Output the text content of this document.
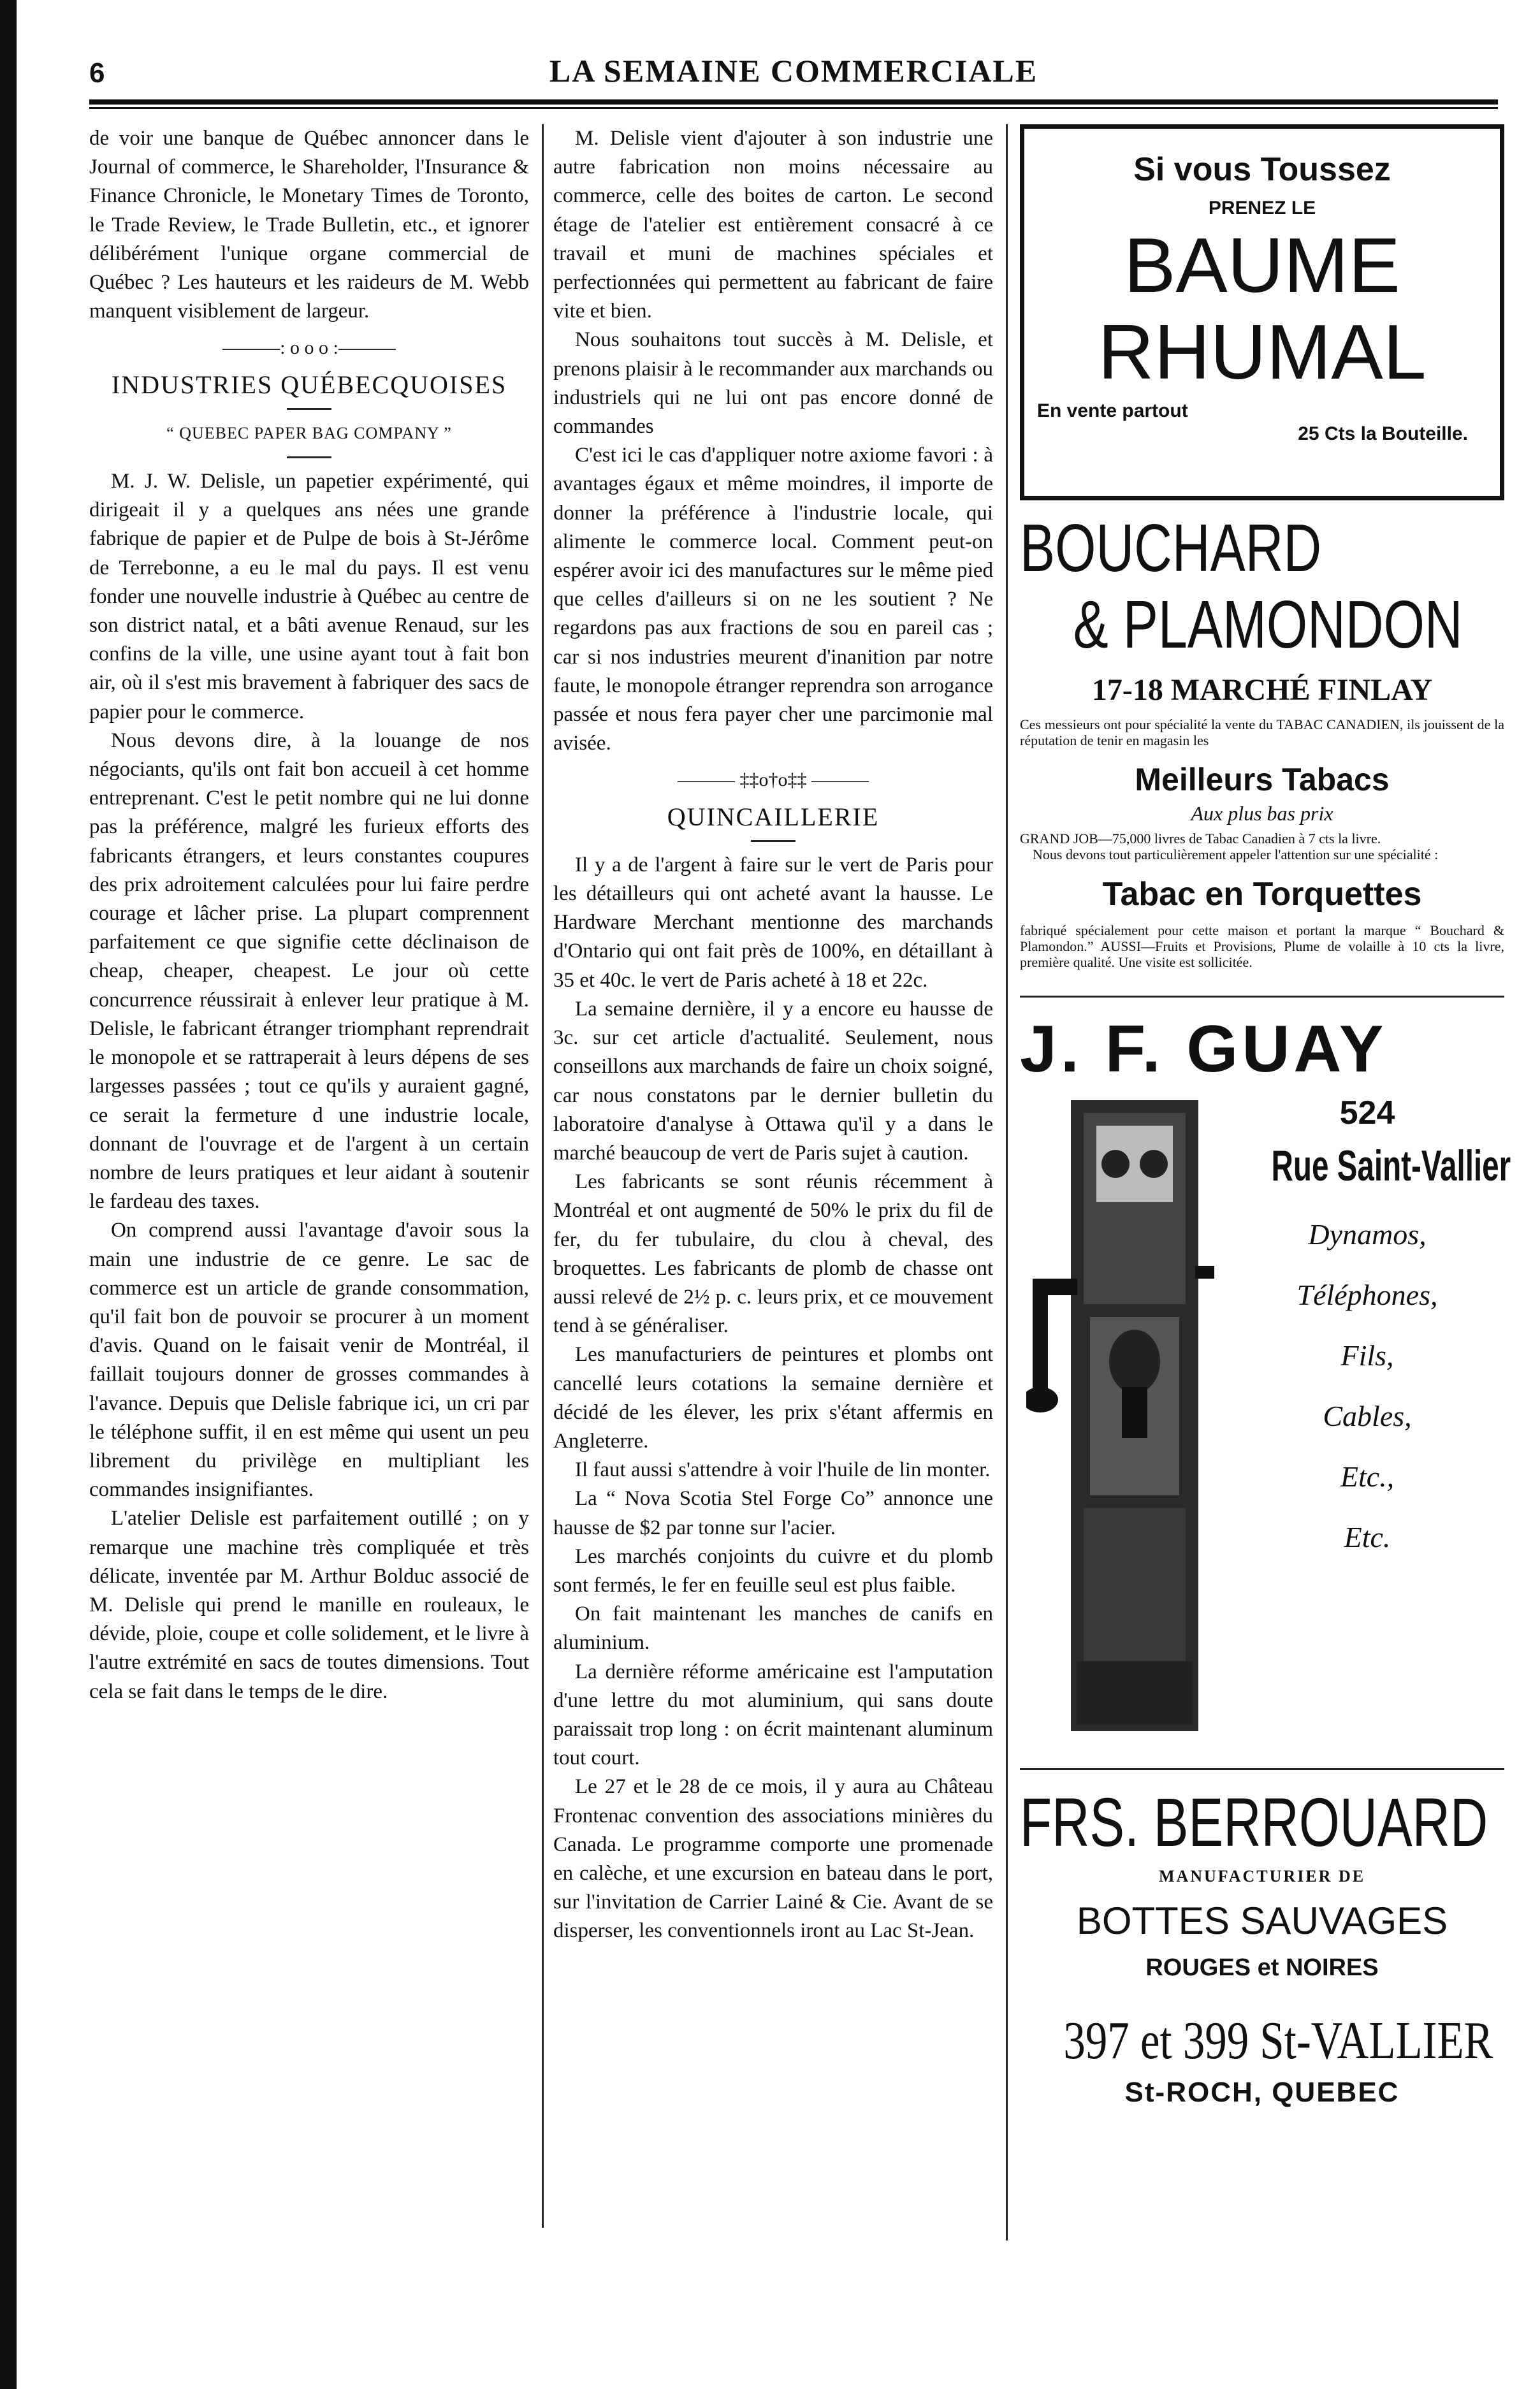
6	LA SEMAINE COMMERCIALE

de voir une banque de Québec annoncer dans le Journal of commerce, le Shareholder, l'Insurance & Finance Chronicle, le Monetary Times de Toronto, le Trade Review, le Trade Bulletin, etc., et ignorer délibérément l'unique organe commercial de Québec ? Les hauteurs et les raideurs de M. Webb manquent visiblement de largeur.

———: o o o :———
INDUSTRIES QUÉBECQUOISES
“ QUEBEC PAPER BAG COMPANY ”

M. J. W. Delisle, un papetier expérimenté, qui dirigeait il y a quelques ans nées une grande fabrique de papier et de Pulpe de bois à St-Jérôme de Terrebonne, a eu le mal du pays. Il est venu fonder une nouvelle industrie à Québec au centre de son district natal, et a bâti avenue Renaud, sur les confins de la ville, une usine ayant tout à fait bon air, où il s'est mis bravement à fabriquer des sacs de papier pour le commerce.

Nous devons dire, à la louange de nos négociants, qu'ils ont fait bon accueil à cet homme entreprenant. C'est le petit nombre qui ne lui donne pas la préférence, malgré les furieux efforts des fabricants étrangers, et leurs constantes coupures des prix adroitement calculées pour lui faire perdre courage et lâcher prise. La plupart comprennent parfaitement ce que signifie cette déclinaison de cheap, cheaper, cheapest. Le jour où cette concurrence réussirait à enlever leur pratique à M. Delisle, le fabricant étranger triomphant reprendrait le monopole et se rattraperait à leurs dépens de ses largesses passées ; tout ce qu'ils y auraient gagné, ce serait la fermeture d une industrie locale, donnant de l'ouvrage et de l'argent à un certain nombre de leurs pratiques et leur aidant à soutenir le fardeau des taxes.

On comprend aussi l'avantage d'avoir sous la main une industrie de ce genre. Le sac de commerce est un article de grande consommation, qu'il fait bon de pouvoir se procurer à un moment d'avis. Quand on le faisait venir de Montréal, il faillait toujours donner de grosses commandes à l'avance. Depuis que Delisle fabrique ici, un cri par le téléphone suffit, il en est même qui usent un peu librement du privilège en multipliant les commandes insignifiantes.

L'atelier Delisle est parfaitement outillé ; on y remarque une machine très compliquée et très délicate, inventée par M. Arthur Bolduc associé de M. Delisle qui prend le manille en rouleaux, le dévide, ploie, coupe et colle solidement, et le livre à l'autre extrémité en sacs de toutes dimensions. Tout cela se fait dans le temps de le dire.

M. Delisle vient d'ajouter à son industrie une autre fabrication non moins nécessaire au commerce, celle des boites de carton. Le second étage de l'atelier est entièrement consacré à ce travail et muni de machines spéciales et perfectionnées qui permettent au fabricant de faire vite et bien.

Nous souhaitons tout succès à M. Delisle, et prenons plaisir à le recommander aux marchands ou industriels qui ne lui ont pas encore donné de commandes

C'est ici le cas d'appliquer notre axiome favori : à avantages égaux et même moindres, il importe de donner la préférence à l'industrie locale, qui alimente le commerce local. Comment peut-on espérer avoir ici des manufactures sur le même pied que celles d'ailleurs si on ne les soutient ? Ne regardons pas aux fractions de sou en pareil cas ; car si nos industries meurent d'inanition par notre faute, le monopole étranger reprendra son arrogance passée et nous fera payer cher une parcimonie mal avisée.

——— ‡‡o†o‡‡ ———
QUINCAILLERIE

Il y a de l'argent à faire sur le vert de Paris pour les détailleurs qui ont acheté avant la hausse. Le Hardware Merchant mentionne des marchands d'Ontario qui ont fait près de 100%, en détaillant à 35 et 40c. le vert de Paris acheté à 18 et 22c.

La semaine dernière, il y a encore eu hausse de 3c. sur cet article d'actualité. Seulement, nous conseillons aux marchands de faire un choix soigné, car nous constatons par le dernier bulletin du laboratoire d'analyse à Ottawa qu'il y a dans le marché beaucoup de vert de Paris sujet à caution.

Les fabricants se sont réunis récemment à Montréal et ont augmenté de 50% le prix du fil de fer, du fer tubulaire, du clou à cheval, des broquettes. Les fabricants de plomb de chasse ont aussi relevé de 2½ p. c. leurs prix, et ce mouvement tend à se généraliser.

Les manufacturiers de peintures et plombs ont cancellé leurs cotations la semaine dernière et décidé de les élever, les prix s'étant affermis en Angleterre.

Il faut aussi s'attendre à voir l'huile de lin monter.

La “ Nova Scotia Stel Forge Co” annonce une hausse de $2 par tonne sur l'acier.

Les marchés conjoints du cuivre et du plomb sont fermés, le fer en feuille seul est plus faible.

On fait maintenant les manches de canifs en aluminium.

La dernière réforme américaine est l'amputation d'une lettre du mot aluminium, qui sans doute paraissait trop long : on écrit maintenant aluminum tout court.

Le 27 et le 28 de ce mois, il y aura au Château Frontenac convention des associations minières du Canada. Le programme comporte une promenade en calèche, et une excursion en bateau dans le port, sur l'invitation de Carrier Lainé & Cie. Avant de se disperser, les conventionnels iront au Lac St-Jean.

Si vous Toussez
PRENEZ LE
BAUME
RHUMAL
En vente partout
25 Cts la Bouteille.
BOUCHARD
& PLAMONDON
17-18 MARCHÉ FINLAY
Ces messieurs ont pour spécialité la vente du TABAC CANADIEN, ils jouissent de la réputation de tenir en magasin les
Meilleurs Tabacs
Aux plus bas prix
GRAND JOB—75,000 livres de Tabac Canadien à 7 cts la livre.
Nous devons tout particulièrement appeler l'attention sur une spécialité :
Tabac en Torquettes
fabriqué spécialement pour cette maison et portant la marque “ Bouchard & Plamondon.” AUSSI—Fruits et Provisions, Plume de volaille à 10 cts la livre, première qualité. Une visite est sollicitée.
J. F. GUAY
524
Rue Saint-Vallier
Dynamos,
Téléphones,
Fils,
Cables,
Etc.,
Etc.
FRS. BERROUARD
MANUFACTURIER DE
BOTTES SAUVAGES
ROUGES et NOIRES
397 et 399 St-VALLIER
St-ROCH, QUEBEC
